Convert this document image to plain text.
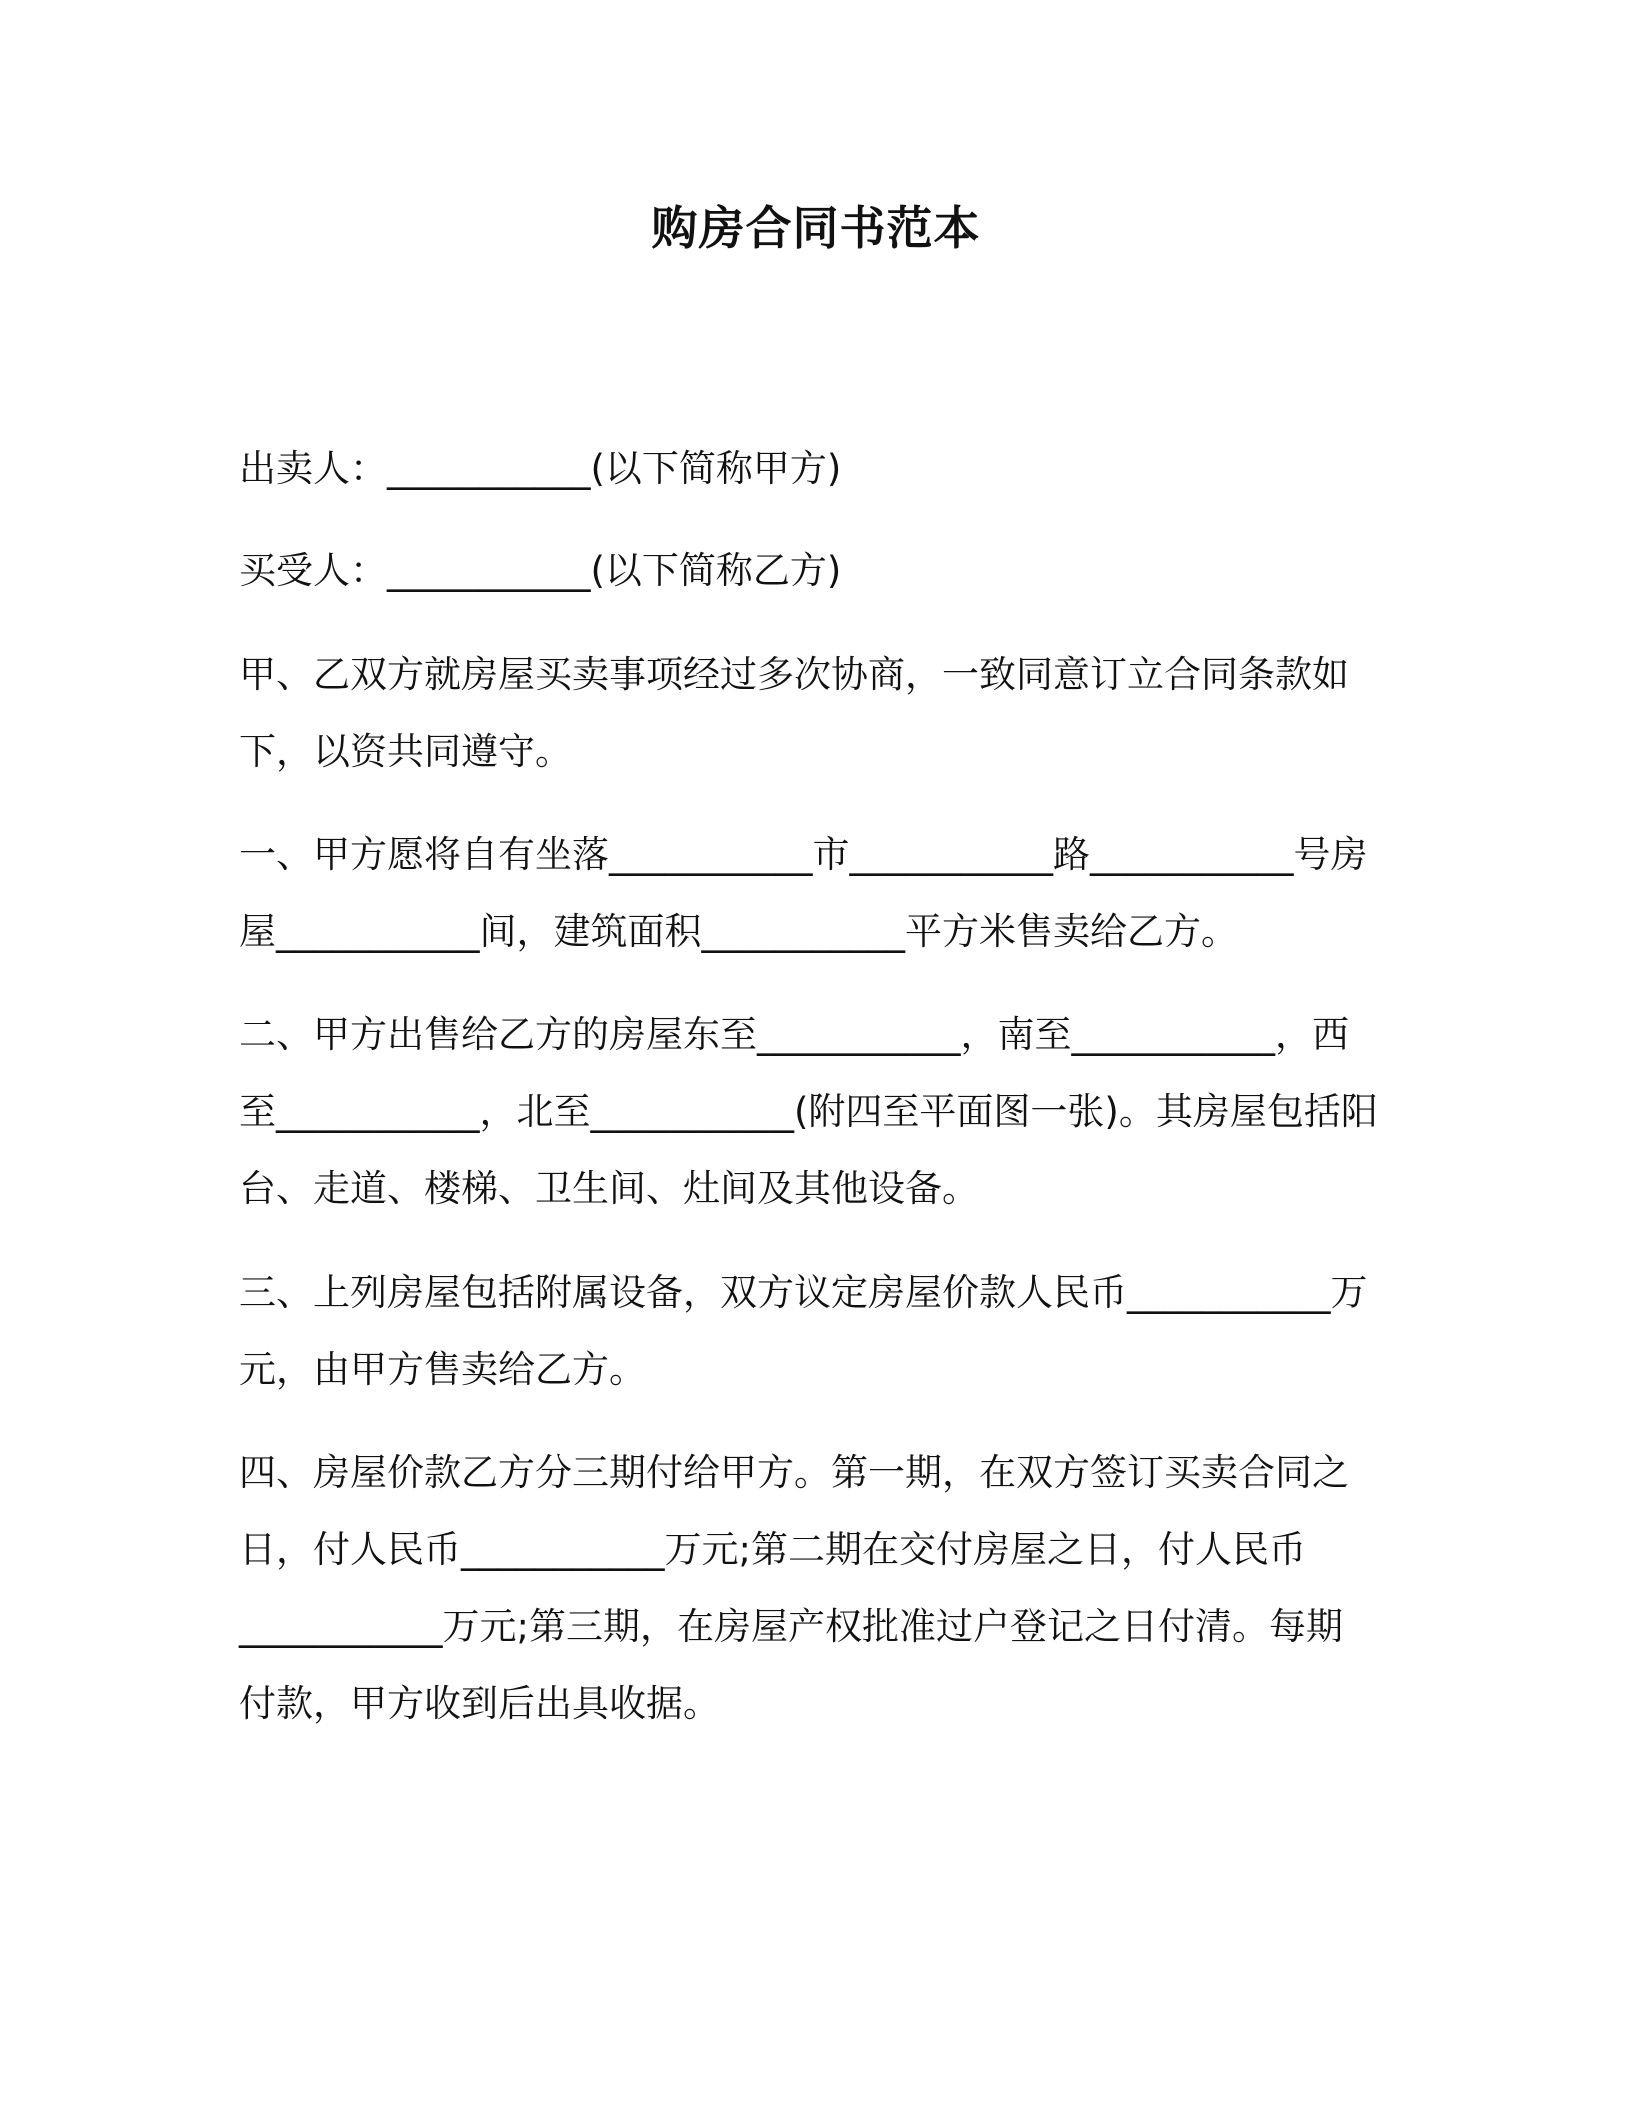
购房合同书范本

出卖人：___________(以下简称甲方)

买受人：___________(以下简称乙方)

甲、乙双方就房屋买卖事项经过多次协商，一致同意订立合同条款如下，以资共同遵守。

一、甲方愿将自有坐落___________市___________路___________号房屋___________间，建筑面积___________平方米售卖给乙方。

二、甲方出售给乙方的房屋东至___________，南至___________，西至___________，北至___________(附四至平面图一张)。其房屋包括阳台、走道、楼梯、卫生间、灶间及其他设备。

三、上列房屋包括附属设备，双方议定房屋价款人民币___________万元，由甲方售卖给乙方。

四、房屋价款乙方分三期付给甲方。第一期，在双方签订买卖合同之日，付人民币___________万元;第二期在交付房屋之日，付人民币___________万元;第三期，在房屋产权批准过户登记之日付清。每期付款，甲方收到后出具收据。
